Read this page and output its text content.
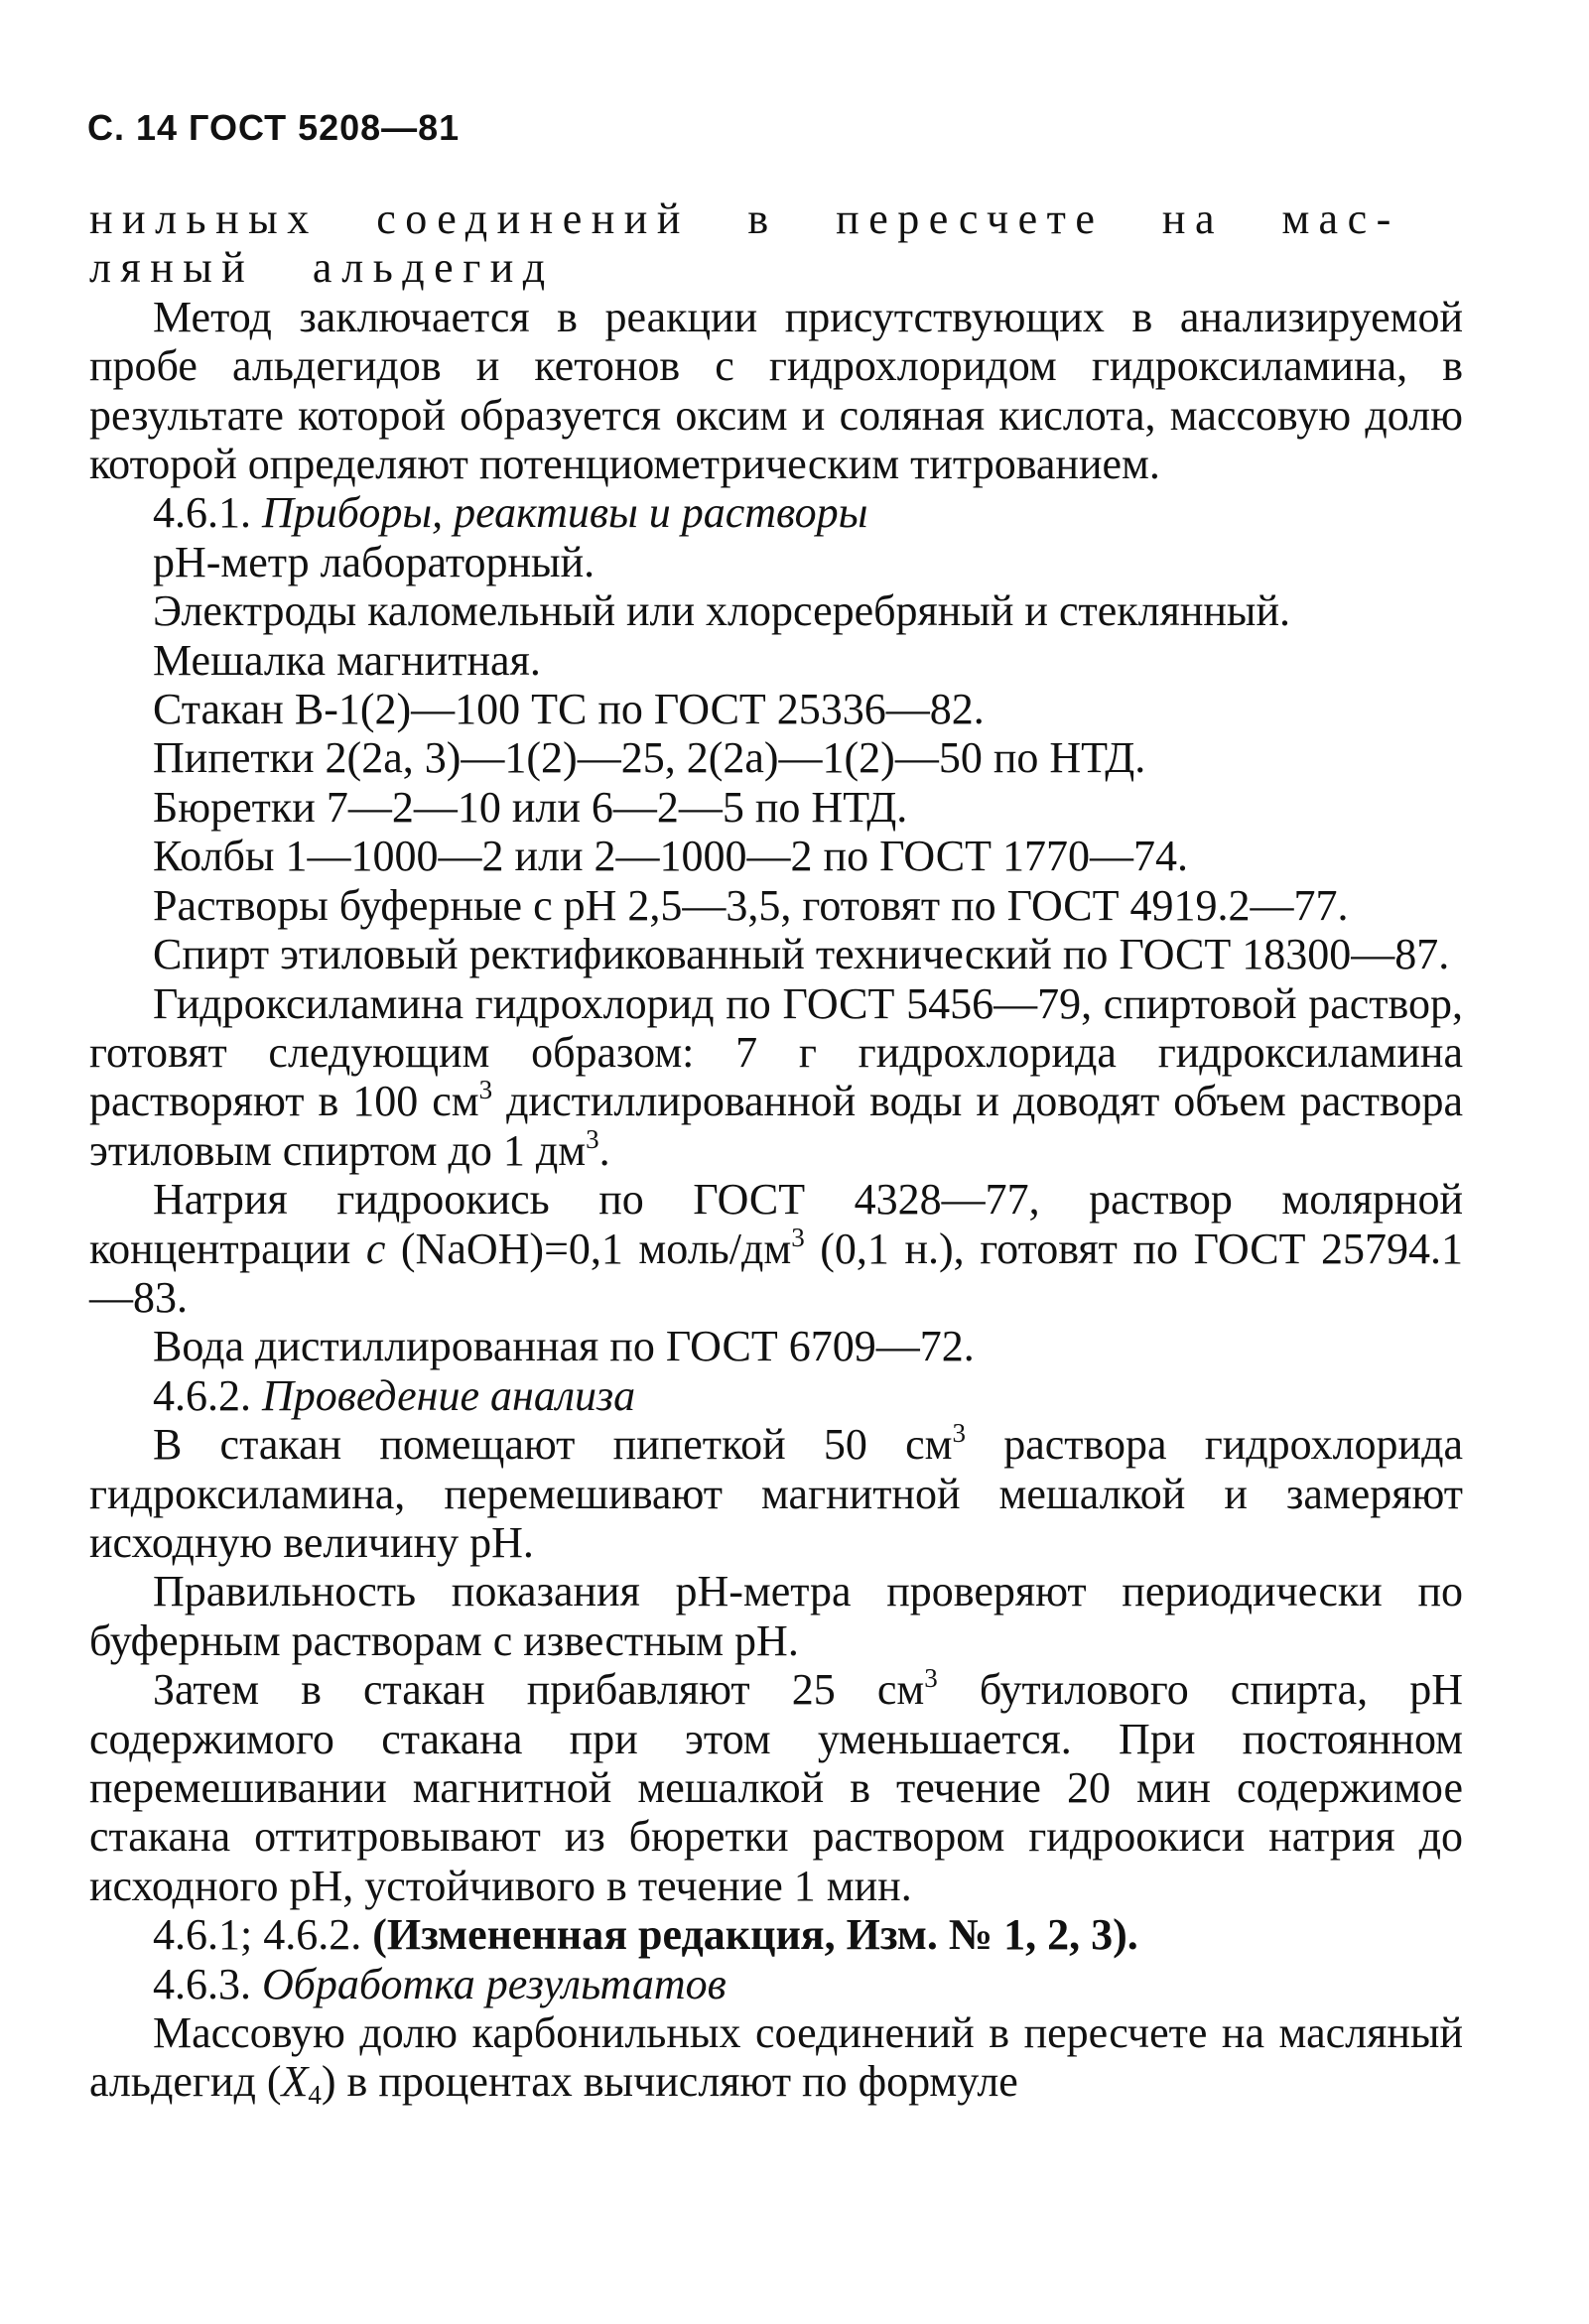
С. 14 ГОСТ 5208—81

нильных соединений в пересчете на мас-
ляный альдегид

Метод заключается в реакции присутствующих в анализируемой пробе альдегидов и кетонов с гидрохлоридом гидроксиламина, в результате которой образуется оксим и соляная кислота, массовую долю которой определяют потенциометрическим титрованием.

4.6.1. Приборы, реактивы и растворы

рН-метр лабораторный.

Электроды каломельный или хлорсеребряный и стеклянный.

Мешалка магнитная.

Стакан В-1(2)—100 ТС по ГОСТ 25336—82.

Пипетки 2(2а, 3)—1(2)—25, 2(2а)—1(2)—50 по НТД.

Бюретки 7—2—10 или 6—2—5 по НТД.

Колбы 1—1000—2 или 2—1000—2 по ГОСТ 1770—74.

Растворы буферные с рН 2,5—3,5, готовят по ГОСТ 4919.2—77.

Спирт этиловый ректификованный технический по ГОСТ 18300—87.

Гидроксиламина гидрохлорид по ГОСТ 5456—79, спиртовой раствор, готовят следующим образом: 7 г гидрохлорида гидроксиламина растворяют в 100 $см^3$ дистиллированной воды и доводят объем раствора этиловым спиртом до 1 $дм^3$.

Натрия гидроокись по ГОСТ 4328—77, раствор молярной концентрации с (NaOH)=0,1 моль/$дм^3$ (0,1 н.), готовят по ГОСТ 25794.1—83.

Вода дистиллированная по ГОСТ 6709—72.

4.6.2. Проведение анализа

В стакан помещают пипеткой 50 $см^3$ раствора гидрохлорида гидроксиламина, перемешивают магнитной мешалкой и замеряют исходную величину рН.

Правильность показания рН-метра проверяют периодически по буферным растворам с известным рН.

Затем в стакан прибавляют 25 $см^3$ бутилового спирта, рН содержимого стакана при этом уменьшается. При постоянном перемешивании магнитной мешалкой в течение 20 мин содержимое стакана оттитровывают из бюретки раствором гидроокиси натрия до исходного рН, устойчивого в течение 1 мин.

4.6.1; 4.6.2. (Измененная редакция, Изм. № 1, 2, 3).

4.6.3. Обработка результатов

Массовую долю карбонильных соединений в пересчете на масляный альдегид $(X_4)$ в процентах вычисляют по формуле
